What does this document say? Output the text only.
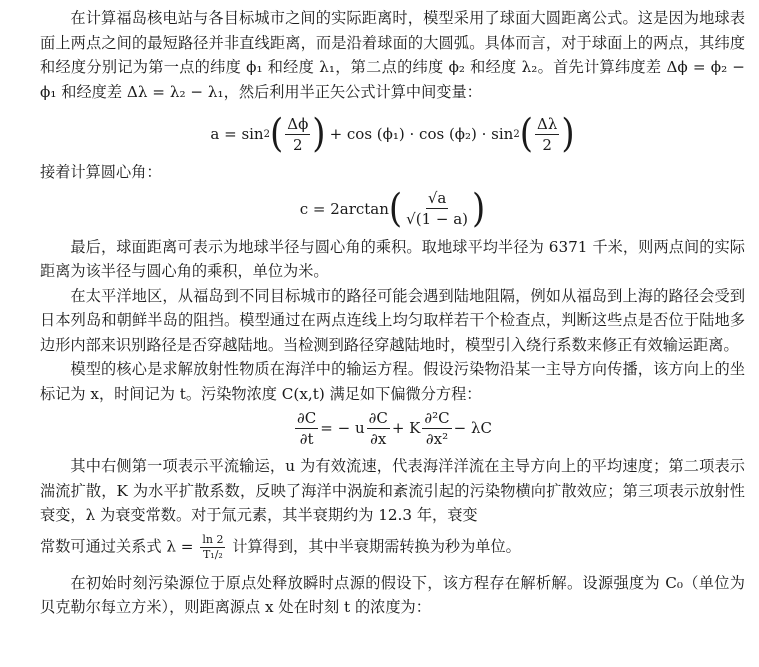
在计算福岛核电站与各目标城市之间的实际距离时，模型采用了球面大圆距离公式。这是因为地球表面上两点之间的最短路径并非直线距离，而是沿着球面的大圆弧。具体而言，对于球面上的两点，其纬度和经度分别记为第一点的纬度 ϕ₁ 和经度 λ₁，第二点的纬度 ϕ₂ 和经度 λ₂。首先计算纬度差 Δϕ = ϕ₂ − ϕ₁ 和经度差 Δλ = λ₂ − λ₁，然后利用半正矢公式计算中间变量：

a = sin 2 ( $\frac{\Delta\phi}{2}$ ) + cos (ϕ₁) · cos (ϕ₂) · sin 2 ( $\frac{\Delta\lambda}{2}$ )

接着计算圆心角：

c = 2arctan ( $\frac{√a}{√(1 - a)}$ )

最后，球面距离可表示为地球半径与圆心角的乘积。取地球平均半径为 6371 千米，则两点间的实际距离为该半径与圆心角的乘积，单位为米。

在太平洋地区，从福岛到不同目标城市的路径可能会遇到陆地阻隔，例如从福岛到上海的路径会受到日本列岛和朝鲜半岛的阻挡。模型通过在两点连线上均匀取样若干个检查点，判断这些点是否位于陆地多边形内部来识别路径是否穿越陆地。当检测到路径穿越陆地时，模型引入绕行系数来修正有效输运距离。

模型的核心是求解放射性物质在海洋中的输运方程。假设污染物沿某一主导方向传播，该方向上的坐标记为 x，时间记为 t。污染物浓度 C(x,t) 满足如下偏微分方程：

$\frac{\partial C}{\partial t}$ = − u $\frac{\partial C}{\partial x} + K \frac{\text{∂²C}}{\text{∂x²}} - \lambda C$

其中右侧第一项表示平流输运，u 为有效流速，代表海洋洋流在主导方向上的平均速度；第二项表示湍流扩散，K 为水平扩散系数，反映了海洋中涡旋和紊流引起的污染物横向扩散效应；第三项表示放射性衰变，λ 为衰变常数。对于氚元素，其半衰期约为 12.3 年，衰变

常数可通过关系式 $\lambda = \frac{\ln 2}{\text{T₁/₂}}$ 计算得到，其中半衰期需转换为秒为单位。

在初始时刻污染源位于原点处释放瞬时点源的假设下，该方程存在解析解。设源强度为 C₀（单位为贝克勒尔每立方米），则距离源点 x 处在时刻 t 的浓度为：
